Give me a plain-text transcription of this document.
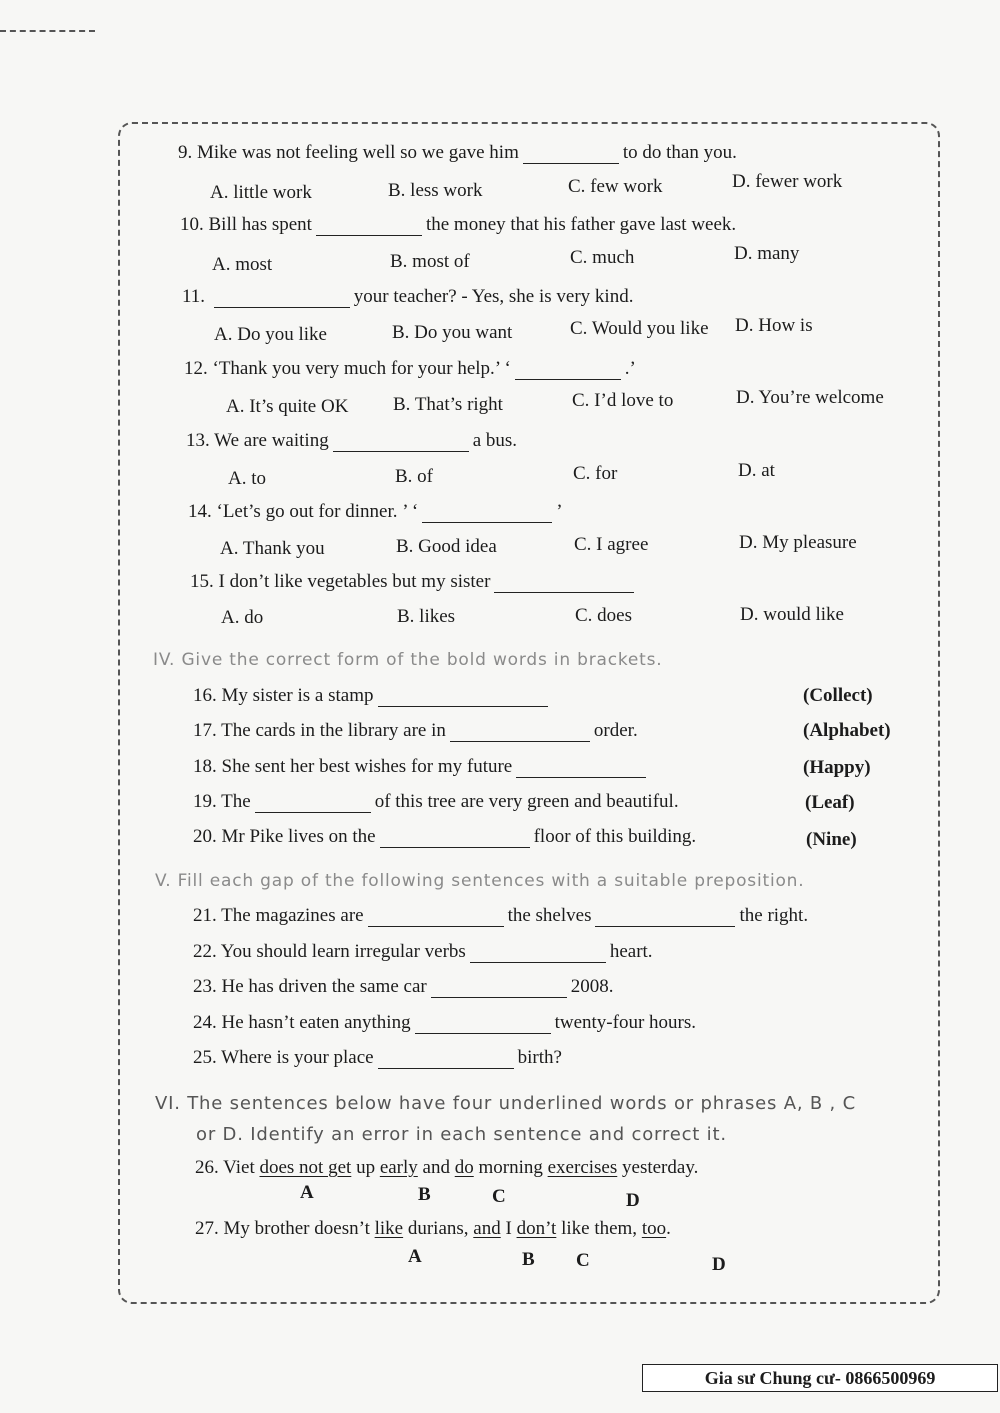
9. Mike was not feeling well so we gave him	to do than you.
A. little work	B. less work	C. few work	D. fewer work
10. Bill has spent	the money that his father gave last week.
A. most	B. most of	C. much	D. many
11.	your teacher? - Yes, she is very kind.
A. Do you like	B. Do you want	C. Would you like D. How is
12. ‘Thank you very much for your help.’ ‘	.’
A. It’s quite OK B. That’s right	C. I’d love to	D. You’re welcome
13. We are waiting	a bus.
A. to	B. of	C. for	D. at
14. ‘Let’s go out for dinner. ’ ‘	’
A. Thank you	B. Good idea	C. I agree	D. My pleasure
15. I don’t like vegetables but my sister
A. do	B. likes	C. does	D. would like
IV. Give the correct form of the bold words in brackets.
16. My sister is a stamp	(Collect)
17. The cards in the library are in	order.	(Alphabet)
18. She sent her best wishes for my future	(Happy)
19. The	of this tree are very green and beautiful.	(Leaf)
20. Mr Pike lives on the	floor of this building.	(Nine)
V. Fill each gap of the following sentences with a suitable preposition.
21. The magazines are	the shelves	the right.
22. You should learn irregular verbs	heart.
23. He has driven the same car	2008.
24. He hasn’t eaten anything	twenty-four hours.
25. Where is your place	birth?
VI. The sentences below have four underlined words or phrases A, B , C
or D. Identify an error in each sentence and correct it.
26. Viet does not get up early and do morning exercises yesterday.
A	B	C	D
27. My brother doesn’t like durians, and I don’t like them, too.
A	B C	D
Gia sư Chung cư- 0866500969
